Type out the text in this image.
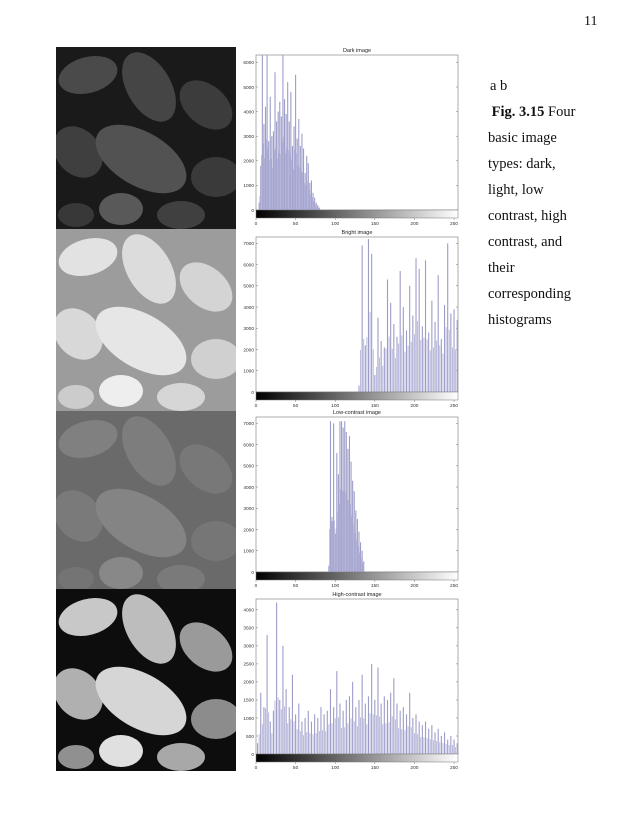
11
Dark image
0
1000
2000
3000
4000
5000
6000
0	50	100	150	200	250
Bright image
0
1000
2000
3000
4000
5000
6000
7000
0	50	100	150	200	250
Low-contrast image
0
1000
2000
3000
4000
5000
6000
7000
0	50	100	150	200	250
High-contrast image
0
500
1000
1500
2000
2500
3000
3500
4000
0	50	100	150	200	250
a b
Fig. 3.15 Four
basic image
types: dark,
light, low
contrast, high
contrast, and
their
corresponding
histograms
